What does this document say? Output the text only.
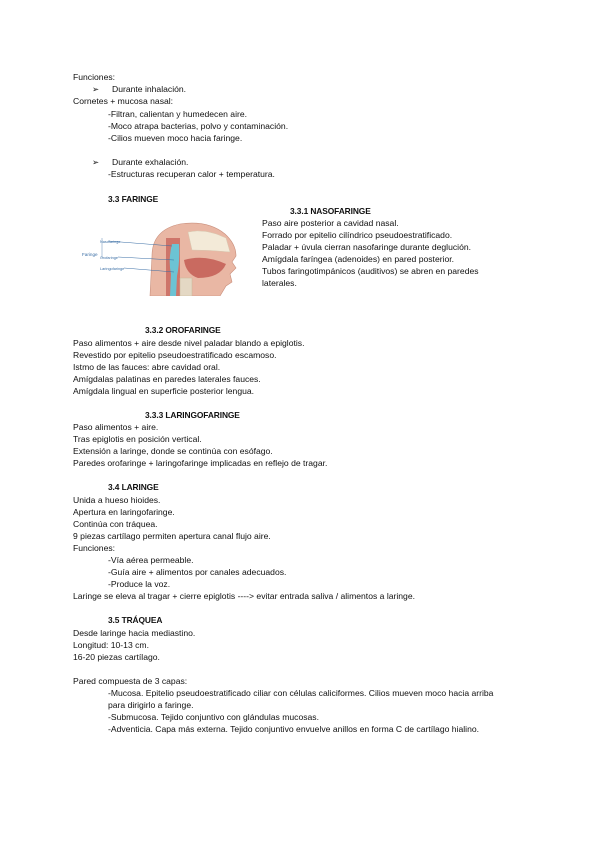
Funciones:
➢ Durante inhalación.
Cornetes + mucosa nasal:
-Filtran, calientan y humedecen aire.
-Moco atrapa bacterias, polvo y contaminación.
-Cilios mueven moco hacia faringe.
➢ Durante exhalación.
-Estructuras recuperan calor + temperatura.
3.3 FARINGE
3.3.1 NASOFARINGE
Paso aire posterior a cavidad nasal.
Forrado por epitelio cilíndrico pseudoestratificado.
Paladar + úvula cierran nasofaringe durante deglución.
Amígdala faríngea (adenoides) en pared posterior.
Tubos faringotimpánicos (auditivos) se abren en paredes
laterales.
Faringe
Nasofaringe
Orofaringe
Laringofaringe
3.3.2 OROFARINGE
Paso alimentos + aire desde nivel paladar blando a epiglotis.
Revestido por epitelio pseudoestratificado escamoso.
Istmo de las fauces: abre cavidad oral.
Amígdalas palatinas en paredes laterales fauces.
Amígdala lingual en superficie posterior lengua.
3.3.3 LARINGOFARINGE
Paso alimentos + aire.
Tras epiglotis en posición vertical.
Extensión a laringe, donde se continúa con esófago.
Paredes orofaringe + laringofaringe implicadas en reflejo de tragar.
3.4 LARINGE
Unida a hueso hioides.
Apertura en laringofaringe.
Continúa con tráquea.
9 piezas cartílago permiten apertura canal flujo aire.
Funciones:
-Vía aérea permeable.
-Guía aire + alimentos por canales adecuados.
-Produce la voz.
Laringe se eleva al tragar + cierre epiglotis ----> evitar entrada saliva / alimentos a laringe.
3.5 TRÁQUEA
Desde laringe hacia mediastino.
Longitud: 10-13 cm.
16-20 piezas cartílago.
Pared compuesta de 3 capas:
-Mucosa. Epitelio pseudoestratificado ciliar con células caliciformes. Cilios mueven moco hacia arriba
para dirigirlo a faringe.
-Submucosa. Tejido conjuntivo con glándulas mucosas.
-Adventicia. Capa más externa. Tejido conjuntivo envuelve anillos en forma C de cartílago hialino.
